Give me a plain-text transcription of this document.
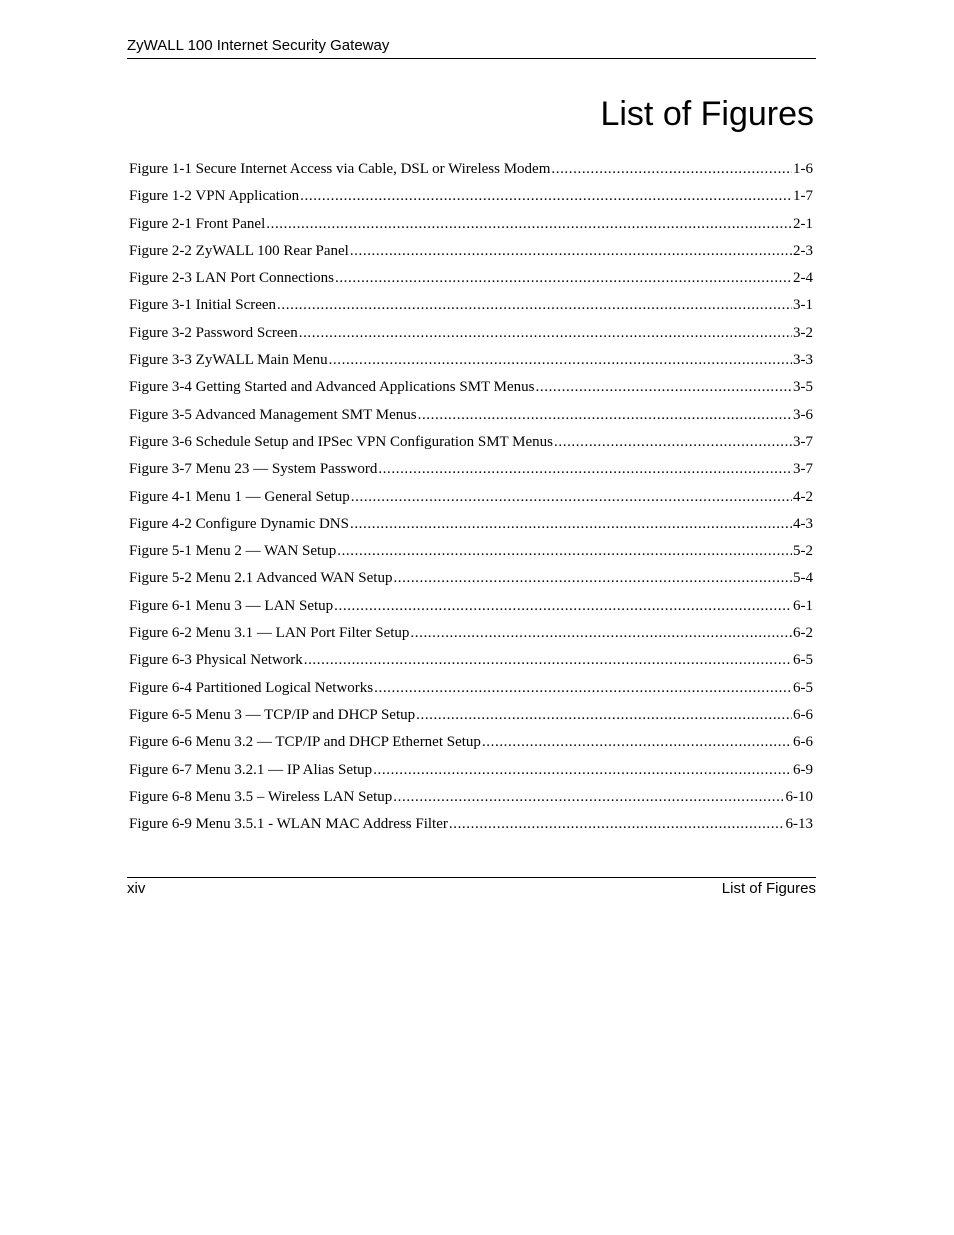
ZyWALL 100 Internet Security Gateway
List of Figures
Figure 1-1 Secure Internet Access via Cable, DSL or Wireless Modem .....	1-6
Figure 1-2 VPN Application .....	1-7
Figure 2-1 Front Panel .....	2-1
Figure 2-2 ZyWALL 100 Rear Panel .....	2-3
Figure 2-3 LAN Port Connections .....	2-4
Figure 3-1 Initial Screen .....	3-1
Figure 3-2 Password Screen .....	3-2
Figure 3-3 ZyWALL Main Menu .....	3-3
Figure 3-4 Getting Started and Advanced Applications SMT Menus .....	3-5
Figure 3-5 Advanced Management SMT Menus .....	3-6
Figure 3-6 Schedule Setup and IPSec VPN Configuration SMT Menus .....	3-7
Figure 3-7 Menu 23 — System Password .....	3-7
Figure 4-1 Menu 1 — General Setup .....	4-2
Figure 4-2 Configure Dynamic DNS .....	4-3
Figure 5-1 Menu 2 — WAN Setup .....	5-2
Figure 5-2 Menu 2.1 Advanced WAN Setup .....	5-4
Figure 6-1 Menu 3 — LAN Setup .....	6-1
Figure 6-2 Menu 3.1 — LAN Port Filter Setup .....	6-2
Figure 6-3 Physical Network .....	6-5
Figure 6-4 Partitioned Logical Networks .....	6-5
Figure 6-5 Menu 3 — TCP/IP and DHCP Setup .....	6-6
Figure 6-6 Menu 3.2 — TCP/IP and DHCP Ethernet Setup .....	6-6
Figure 6-7 Menu 3.2.1 — IP Alias Setup .....	6-9
Figure 6-8 Menu 3.5 – Wireless LAN Setup .....	6-10
Figure 6-9 Menu 3.5.1 - WLAN MAC Address Filter .....	6-13
xiv	List of Figures
